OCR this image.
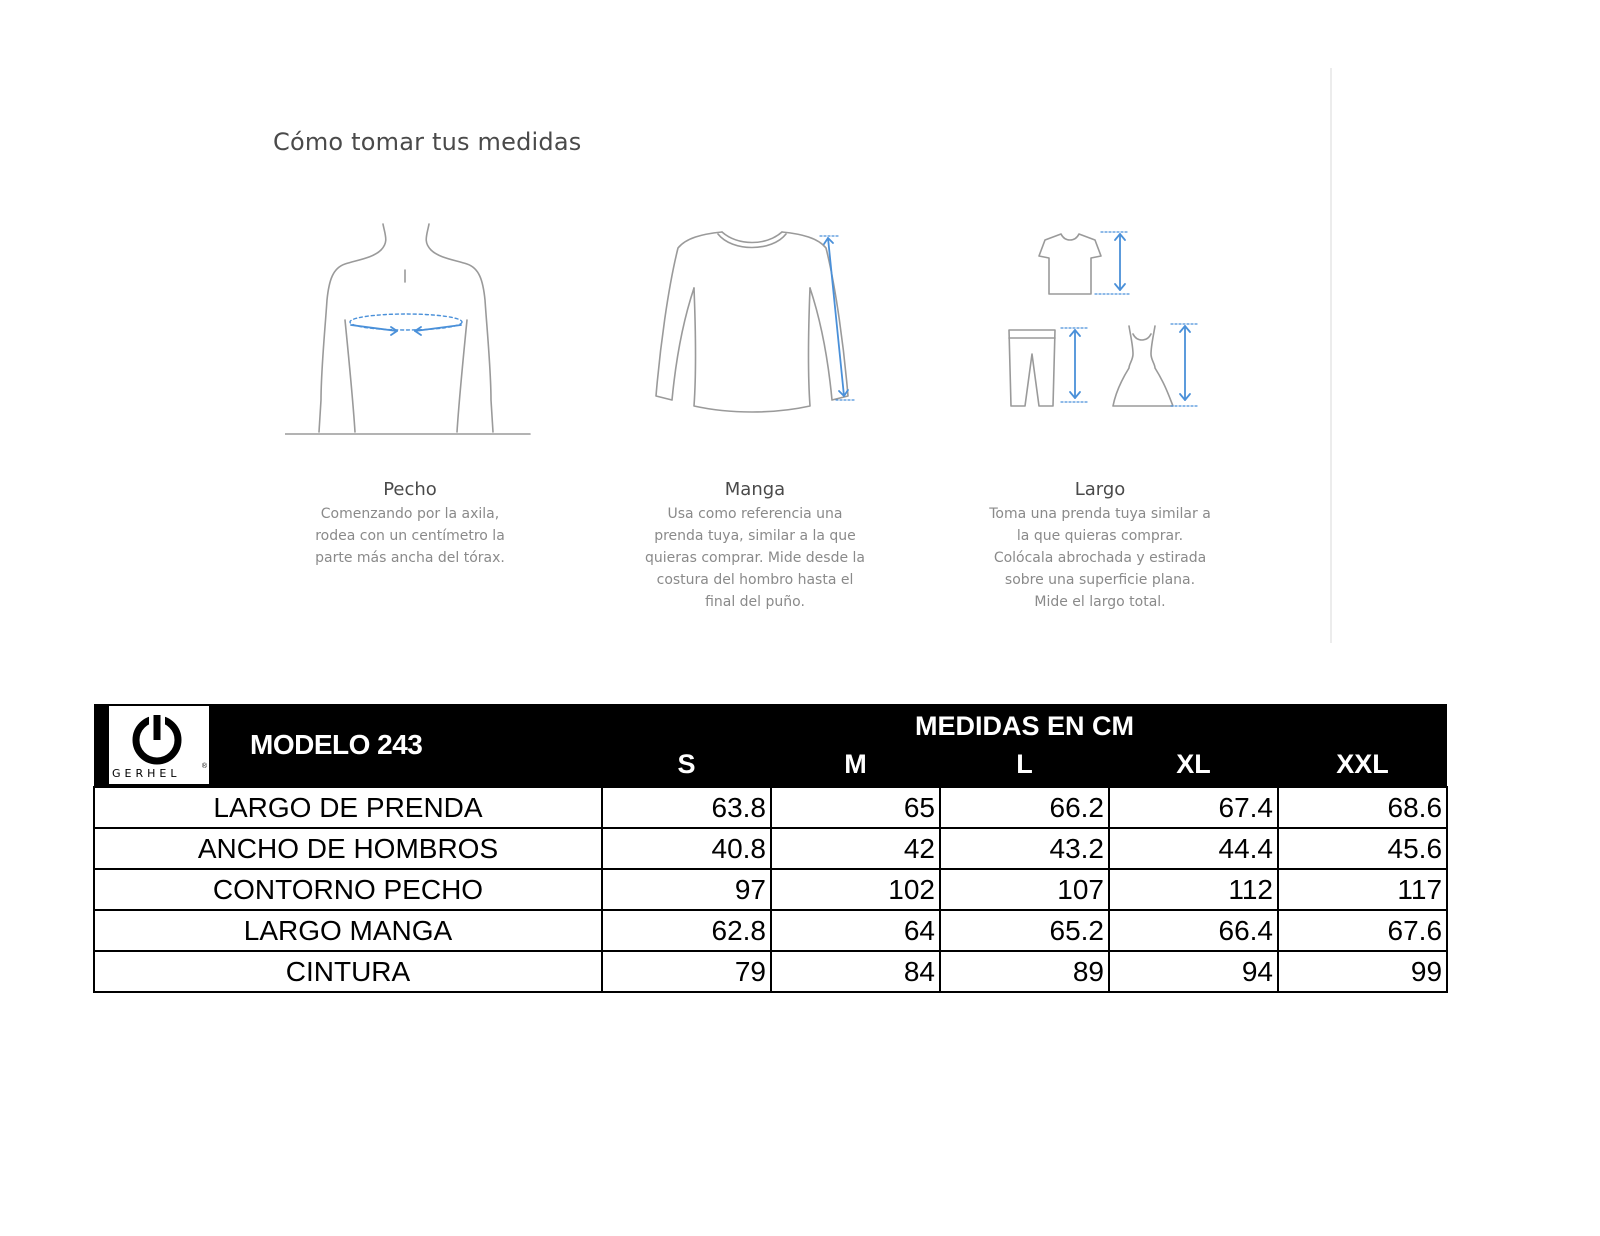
Cómo tomar tus medidas
Pecho
Comenzando por la axila,
rodea con un centímetro la
parte más ancha del tórax.
Manga
Usa como referencia una
prenda tuya, similar a la que
quieras comprar. Mide desde la
costura del hombro hasta el
final del puño.
Largo
Toma una prenda tuya similar a
la que quieras comprar.
Colócala abrochada y estirada
sobre una superficie plana.
Mide el largo total.
GERHEL
®	MODELO 243	MEDIDAS EN CM				
		S	M	L	XL	XXL
LARGO DE PRENDA		63.8	65	66.2	67.4	68.6
ANCHO DE HOMBROS		40.8	42	43.2	44.4	45.6
CONTORNO PECHO		97	102	107	112	117
LARGO MANGA		62.8	64	65.2	66.4	67.6
CINTURA		79	84	89	94	99
